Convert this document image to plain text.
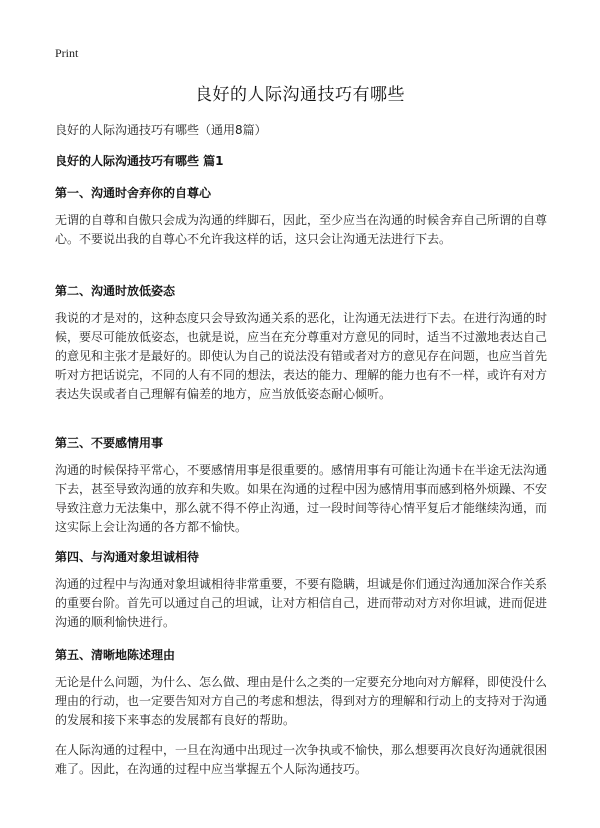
Print
良好的人际沟通技巧有哪些
良好的人际沟通技巧有哪些（通用8篇）
良好的人际沟通技巧有哪些 篇1
第一、沟通时舍弃你的自尊心
无谓的自尊和自傲只会成为沟通的绊脚石，因此，至少应当在沟通的时候舍弃自己所谓的自尊心。不要说出我的自尊心不允许我这样的话，这只会让沟通无法进行下去。
第二、沟通时放低姿态
我说的才是对的，这种态度只会导致沟通关系的恶化，让沟通无法进行下去。在进行沟通的时候，要尽可能放低姿态，也就是说，应当在充分尊重对方意见的同时，适当不过激地表达自己的意见和主张才是最好的。即使认为自己的说法没有错或者对方的意见存在问题，也应当首先听对方把话说完，不同的人有不同的想法，表达的能力、理解的能力也有不一样，或许有对方表达失误或者自己理解有偏差的地方，应当放低姿态耐心倾听。
第三、不要感情用事
沟通的时候保持平常心，不要感情用事是很重要的。感情用事有可能让沟通卡在半途无法沟通下去，甚至导致沟通的放弃和失败。如果在沟通的过程中因为感情用事而感到格外烦躁、不安导致注意力无法集中，那么就不得不停止沟通，过一段时间等待心情平复后才能继续沟通，而这实际上会让沟通的各方都不愉快。
第四、与沟通对象坦诚相待
沟通的过程中与沟通对象坦诚相待非常重要，不要有隐瞒，坦诚是你们通过沟通加深合作关系的重要台阶。首先可以通过自己的坦诚，让对方相信自己，进而带动对方对你坦诚，进而促进沟通的顺利愉快进行。
第五、清晰地陈述理由
无论是什么问题，为什么、怎么做、理由是什么之类的一定要充分地向对方解释，即使没什么理由的行动，也一定要告知对方自己的考虑和想法，得到对方的理解和行动上的支持对于沟通的发展和接下来事态的发展都有良好的帮助。
在人际沟通的过程中，一旦在沟通中出现过一次争执或不愉快，那么想要再次良好沟通就很困难了。因此，在沟通的过程中应当掌握五个人际沟通技巧。
